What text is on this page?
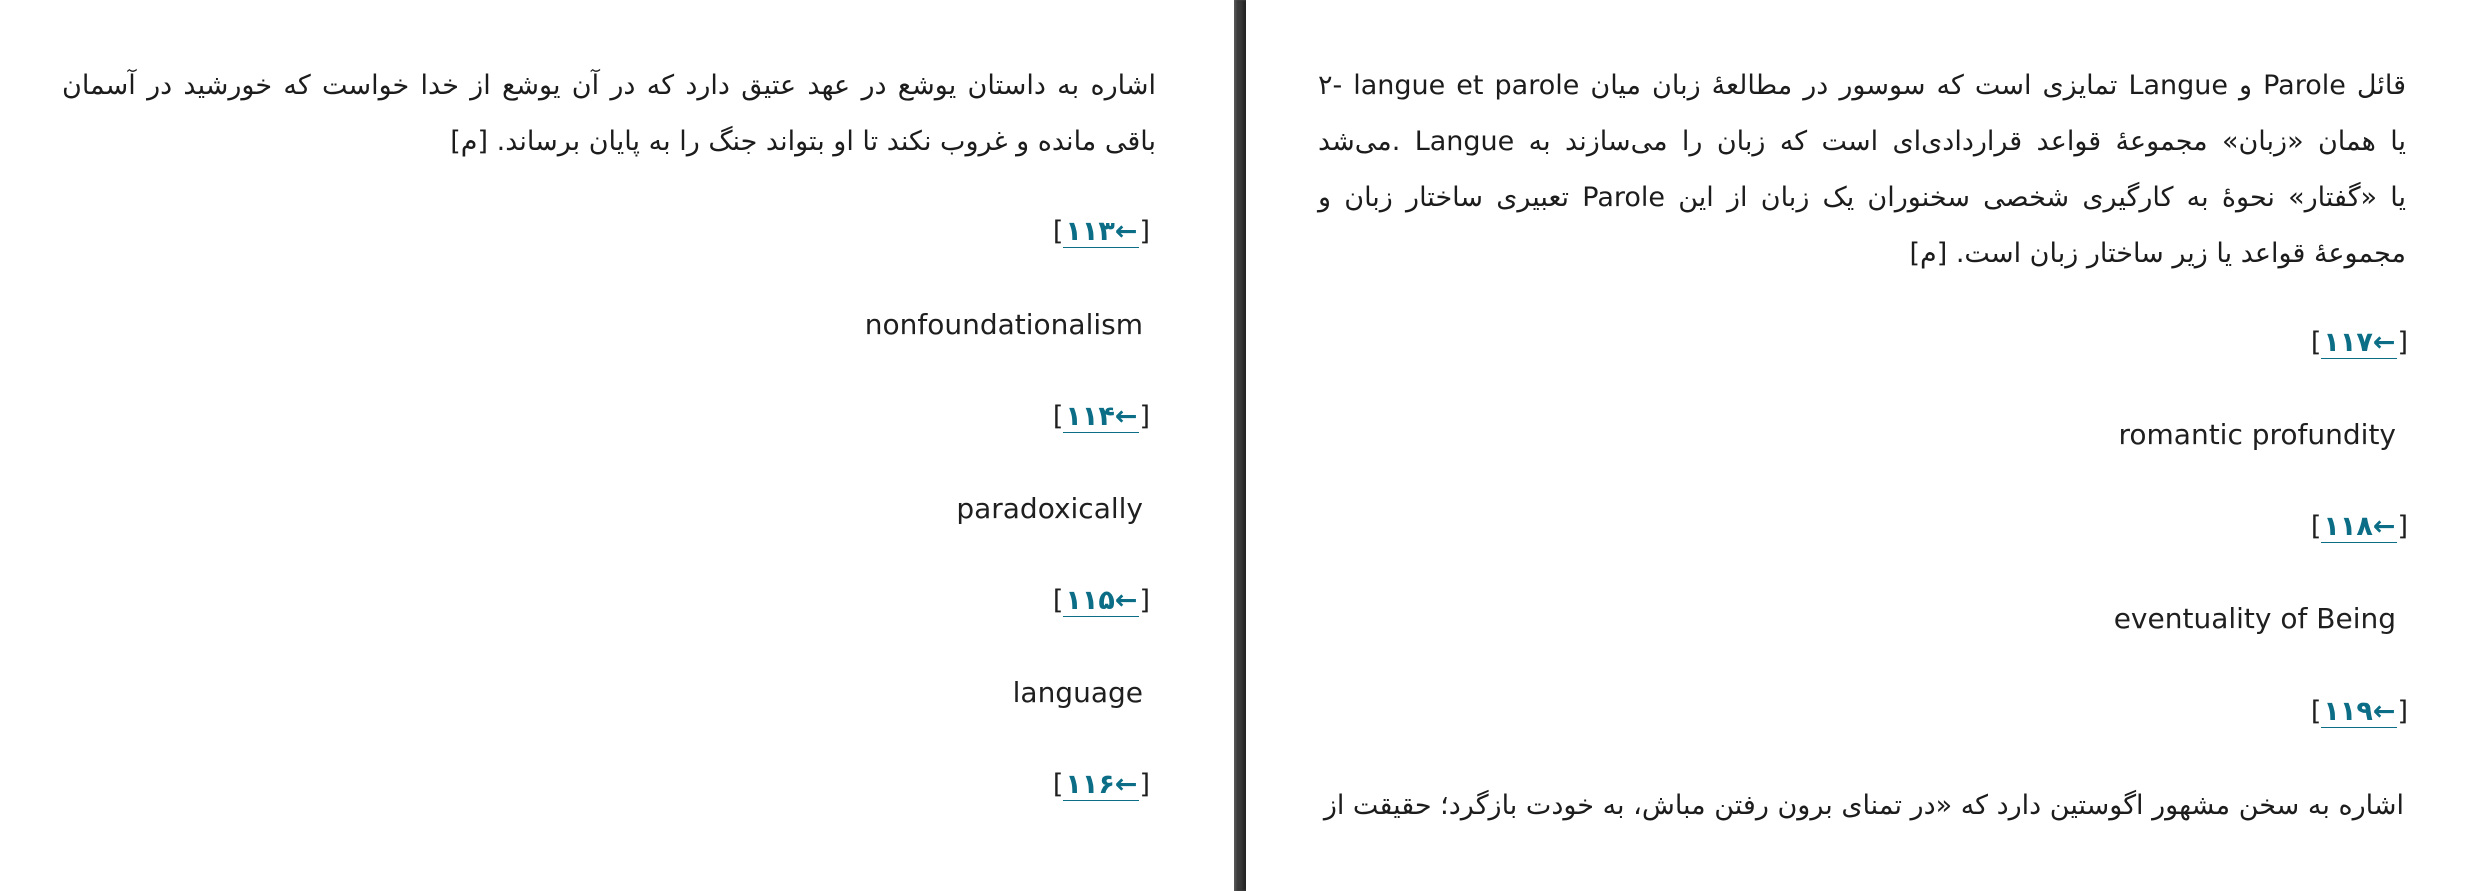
اشاره به داستان یوشع در عهد عتیق دارد که در آن یوشع از خدا خواست که خورشید در آسمان باقی مانده و غروب نکند تا او بتواند جنگ را به پایان برساند. [م]

[۱۱۳←]
nonfoundationalism
[۱۱۴←]
paradoxically
[۱۱۵←]
language
[۱۱۶←]

۲- langue et parole تمایزی است که سوسور در مطالعهٔ زبان میان Langue و Parole قائل می‌شد. Langue یا همان «زبان» مجموعهٔ قواعد قراردادی‌ای است که زبان را می‌سازند به تعبیری ساختار زبان و Parole یا «گفتار» نحوهٔ به کارگیری شخصی سخنوران یک زبان از این مجموعهٔ قواعد یا زیر ساختار زبان است. [م]

[۱۱۷←]
romantic profundity
[۱۱۸←]
eventuality of Being
[۱۱۹←]

اشاره به سخن مشهور اگوستین دارد که «در تمنای برون رفتن مباش، به خودت بازگرد؛ حقیقت از
